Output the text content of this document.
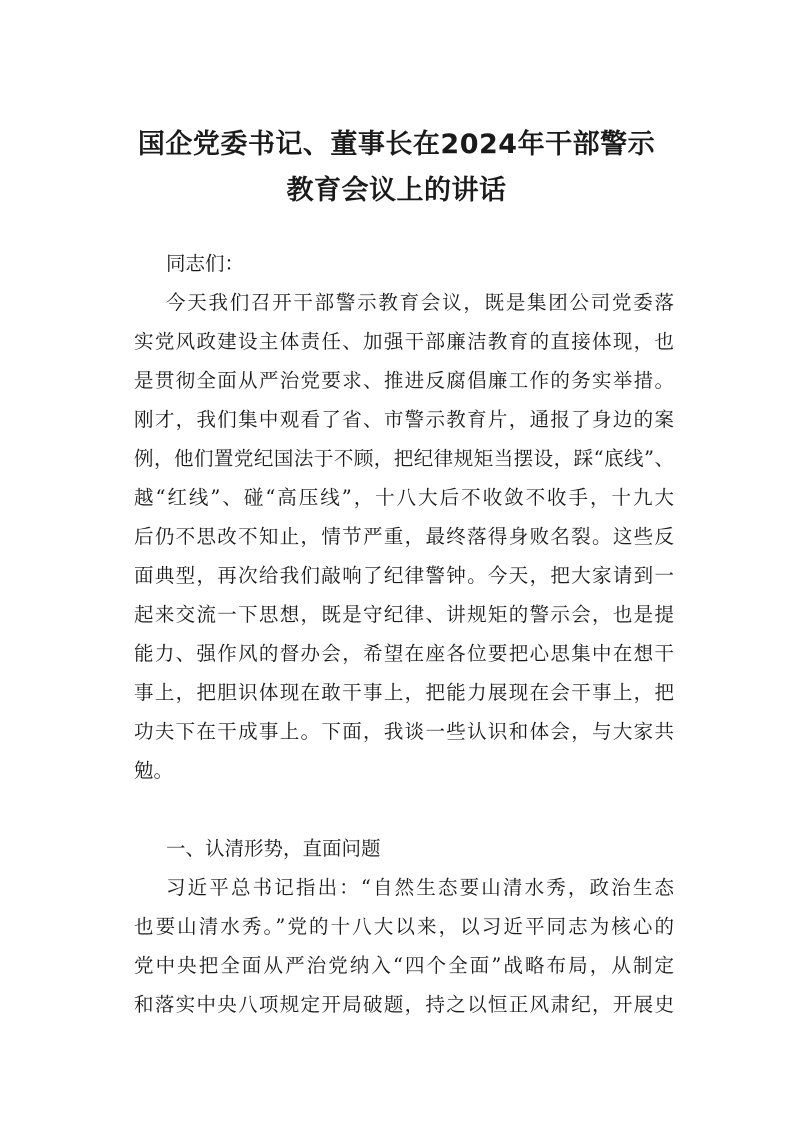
国企党委书记、董事长在2024年干部警示
教育会议上的讲话

同志们：

今天我们召开干部警示教育会议，既是集团公司党委落

实党风政建设主体责任、加强干部廉洁教育的直接体现，也

是贯彻全面从严治党要求、推进反腐倡廉工作的务实举措。

刚才，我们集中观看了省、市警示教育片，通报了身边的案

例，他们置党纪国法于不顾，把纪律规矩当摆设，踩“底线”、

越“红线”、碰“高压线”，十八大后不收敛不收手，十九大

后仍不思改不知止，情节严重，最终落得身败名裂。这些反

面典型，再次给我们敲响了纪律警钟。今天，把大家请到一

起来交流一下思想，既是守纪律、讲规矩的警示会，也是提

能力、强作风的督办会，希望在座各位要把心思集中在想干

事上，把胆识体现在敢干事上，把能力展现在会干事上，把

功夫下在干成事上。下面，我谈一些认识和体会，与大家共

勉。

一、认清形势，直面问题

习近平总书记指出：“自然生态要山清水秀，政治生态

也要山清水秀。”党的十八大以来，以习近平同志为核心的

党中央把全面从严治党纳入“四个全面”战略布局，从制定

和落实中央八项规定开局破题，持之以恒正风肃纪，开展史
